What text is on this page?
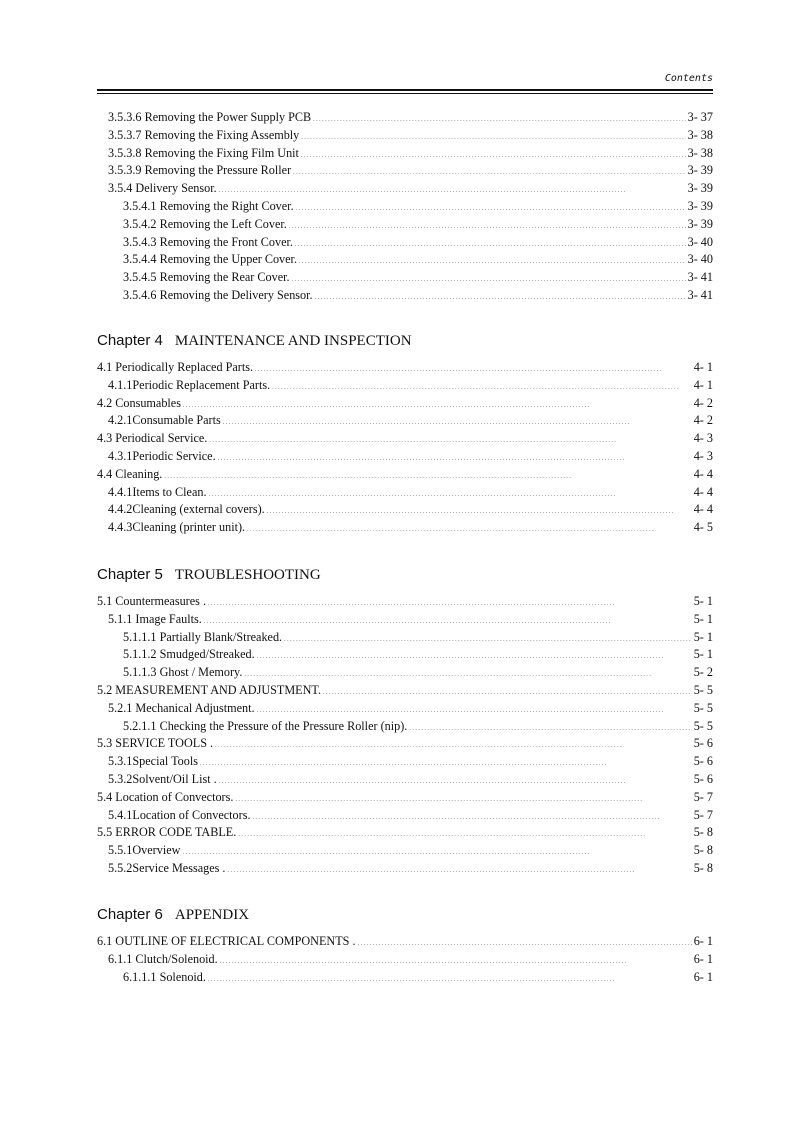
Contents
3.5.3.6 Removing the Power Supply PCB . . .	3- 37
3.5.3.7 Removing the Fixing Assembly . . .	3- 38
3.5.3.8 Removing the Fixing Film Unit . . .	3- 38
3.5.3.9 Removing the Pressure Roller . . .	3- 39
3.5.4 Delivery Sensor. . . .	3- 39
3.5.4.1 Removing the Right Cover. . . .	3- 39
3.5.4.2 Removing the Left Cover. . . .	3- 39
3.5.4.3 Removing the Front Cover. . . .	3- 40
3.5.4.4 Removing the Upper Cover. . . .	3- 40
3.5.4.5 Removing the Rear Cover. . . .	3- 41
3.5.4.6 Removing the Delivery Sensor. . . .	3- 41
Chapter 4 MAINTENANCE AND INSPECTION
4.1 Periodically Replaced Parts. . . .	4- 1
4.1.1Periodic Replacement Parts. . . .	4- 1
4.2 Consumables . . .	4- 2
4.2.1Consumable Parts . . .	4- 2
4.3 Periodical Service. . . .	4- 3
4.3.1Periodic Service. . . .	4- 3
4.4 Cleaning. . . .	4- 4
4.4.1Items to Clean. . . .	4- 4
4.4.2Cleaning (external covers). . . .	4- 4
4.4.3Cleaning (printer unit). . . .	4- 5
Chapter 5 TROUBLESHOOTING
5.1 Countermeasures . . . .	5- 1
5.1.1 Image Faults. . . .	5- 1
5.1.1.1 Partially Blank/Streaked. . . .	5- 1
5.1.1.2 Smudged/Streaked. . . .	5- 1
5.1.1.3 Ghost / Memory. . . .	5- 2
5.2 MEASUREMENT AND ADJUSTMENT. . . .	5- 5
5.2.1 Mechanical Adjustment. . . .	5- 5
5.2.1.1 Checking the Pressure of the Pressure Roller (nip). . . .	5- 5
5.3 SERVICE TOOLS . . . .	5- 6
5.3.1Special Tools . . .	5- 6
5.3.2Solvent/Oil List . . . .	5- 6
5.4 Location of Convectors. . . .	5- 7
5.4.1Location of Convectors. . . .	5- 7
5.5 ERROR CODE TABLE. . . .	5- 8
5.5.1Overview . . .	5- 8
5.5.2Service Messages . . . .	5- 8
Chapter 6 APPENDIX
6.1 OUTLINE OF ELECTRICAL COMPONENTS . . . .	6- 1
6.1.1 Clutch/Solenoid. . . .	6- 1
6.1.1.1 Solenoid. . . .	6- 1
